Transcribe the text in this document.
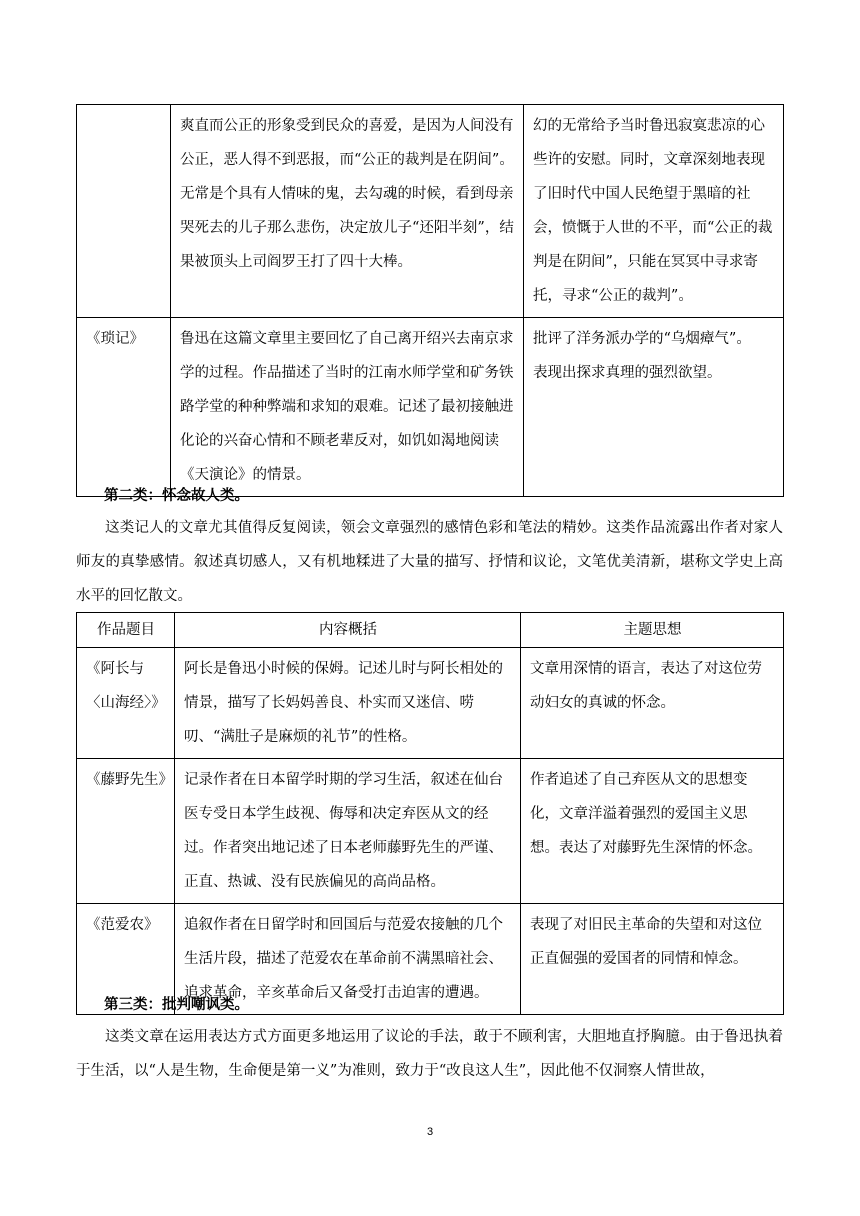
	爽直而公正的形象受到民众的喜爱，是因为人间没有公正，恶人得不到恶报，而“公正的裁判是在阴间”。无常是个具有人情味的鬼，去勾魂的时候，看到母亲哭死去的儿子那么悲伤，决定放儿子“还阳半刻”，结果被顶头上司阎罗王打了四十大棒。	幻的无常给予当时鲁迅寂寞悲凉的心些许的安慰。同时，文章深刻地表现了旧时代中国人民绝望于黑暗的社会，愤慨于人世的不平，而“公正的裁判是在阴间”，只能在冥冥中寻求寄托，寻求“公正的裁判”。
《琐记》	鲁迅在这篇文章里主要回忆了自己离开绍兴去南京求学的过程。作品描述了当时的江南水师学堂和矿务铁路学堂的种种弊端和求知的艰难。记述了最初接触进化论的兴奋心情和不顾老辈反对，如饥如渴地阅读《天演论》的情景。	批评了洋务派办学的“乌烟瘴气”。
表现出探求真理的强烈欲望。
第二类：怀念故人类。
这类记人的文章尤其值得反复阅读，领会文章强烈的感情色彩和笔法的精妙。这类作品流露出作者对家人师友的真挚感情。叙述真切感人，又有机地糅进了大量的描写、抒情和议论，文笔优美清新，堪称文学史上高水平的回忆散文。
作品题目	内容概括	主题思想
《阿长与〈山海经〉》	阿长是鲁迅小时候的保姆。记述儿时与阿长相处的情景，描写了长妈妈善良、朴实而又迷信、唠叨、“满肚子是麻烦的礼节”的性格。	文章用深情的语言，表达了对这位劳动妇女的真诚的怀念。
《藤野先生》	记录作者在日本留学时期的学习生活，叙述在仙台医专受日本学生歧视、侮辱和决定弃医从文的经过。作者突出地记述了日本老师藤野先生的严谨、正直、热诚、没有民族偏见的高尚品格。	作者追述了自己弃医从文的思想变化，文章洋溢着强烈的爱国主义思想。表达了对藤野先生深情的怀念。
《范爱农》	追叙作者在日留学时和回国后与范爱农接触的几个生活片段，描述了范爱农在革命前不满黑暗社会、追求革命，辛亥革命后又备受打击迫害的遭遇。	表现了对旧民主革命的失望和对这位正直倔强的爱国者的同情和悼念。
第三类：批判嘲讽类。
这类文章在运用表达方式方面更多地运用了议论的手法，敢于不顾利害，大胆地直抒胸臆。由于鲁迅执着于生活，以“人是生物，生命便是第一义”为准则，致力于“改良这人生”，因此他不仅洞察人情世故，
3
